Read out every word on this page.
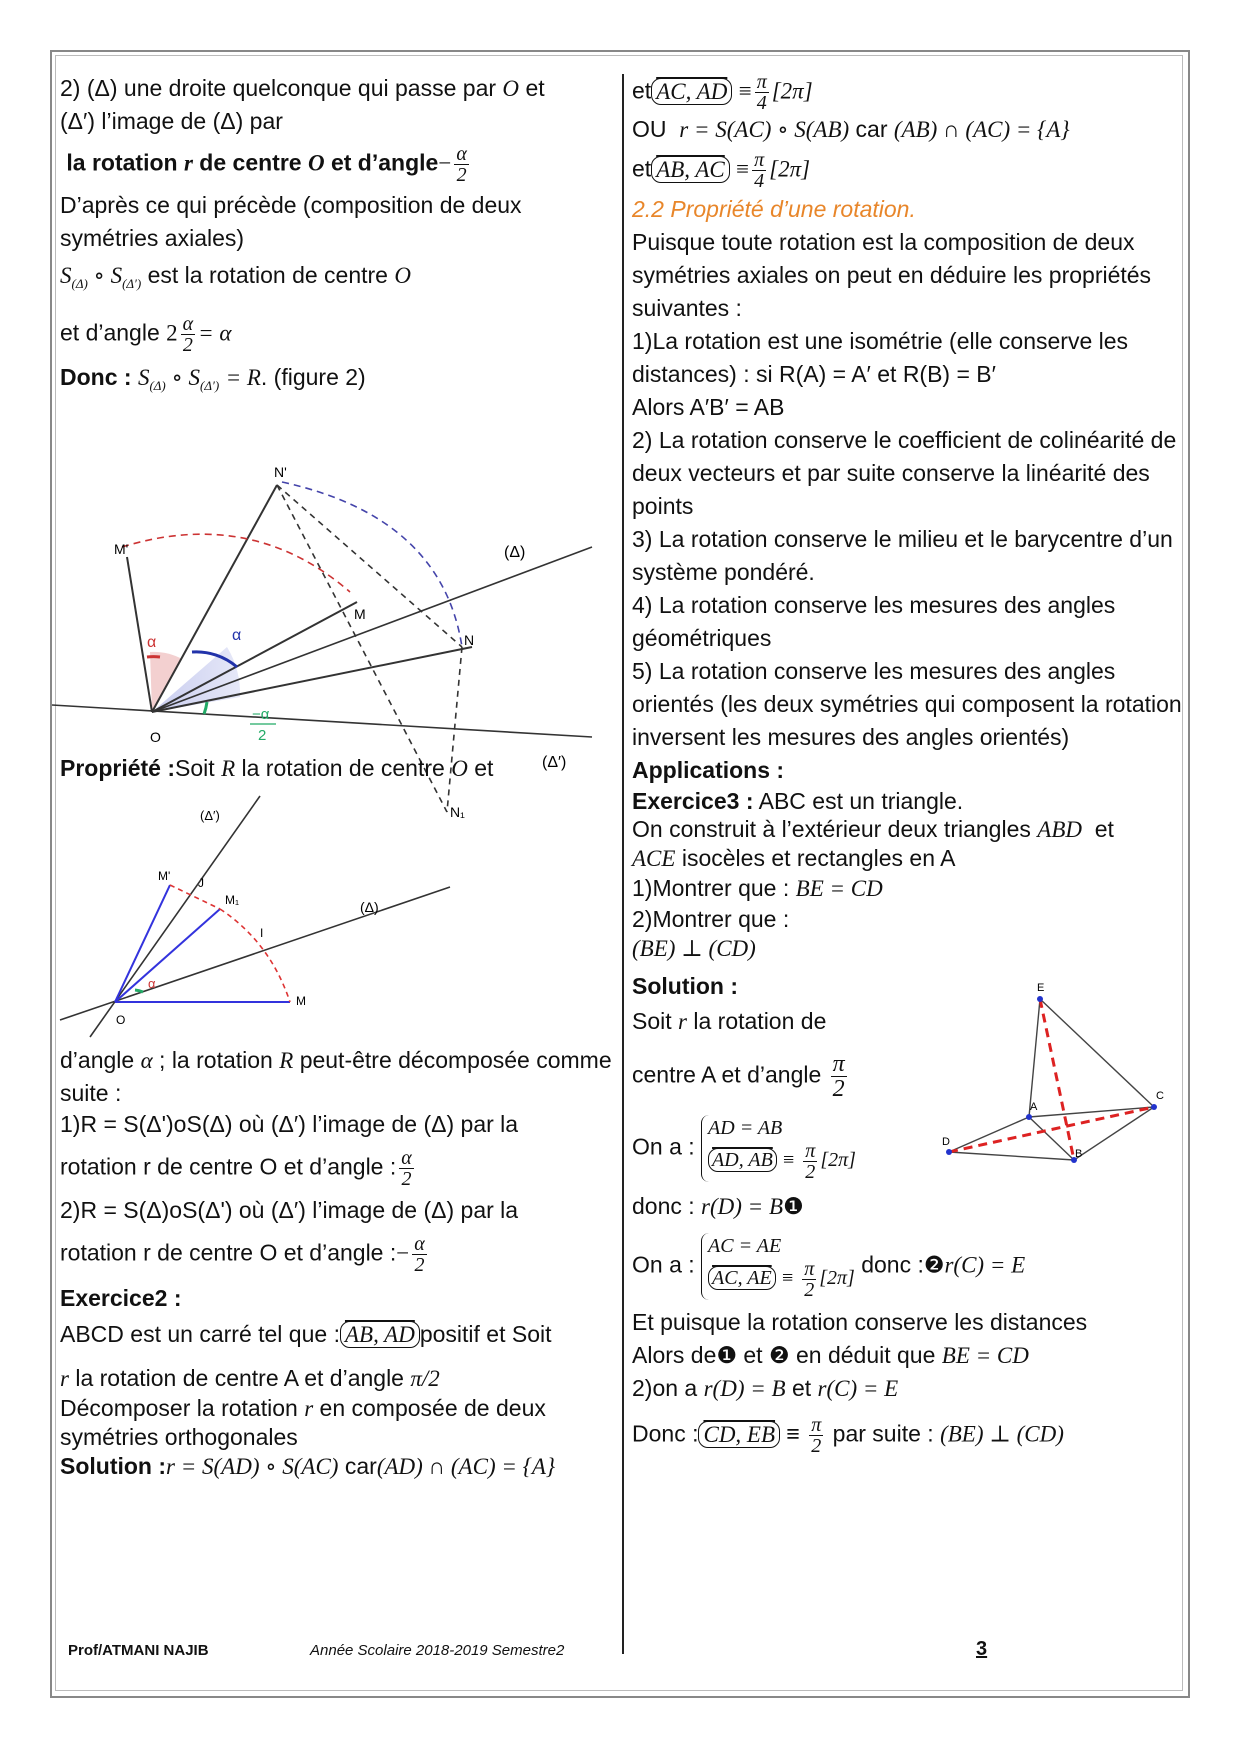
2) (Δ) une droite quelconque qui passe par O et
(Δ′) l’image de (Δ) par
la rotation r de centre O et d’angle− $\frac{\alpha}{2}$
D’après ce qui précède (composition de deux symétries axiales)
$S_{(\Delta)}$ ∘ $S_{(\Delta')}$ est la rotation de centre O
et d’angle $2 \frac{\alpha}{2} = \alpha$
Donc : $S_{(\Delta)}$ ∘ $S_{(\Delta')} = R$. (figure 2)
M'
N'
M
N
O
N₁
(Δ)
(Δ′)
α
α
−α
2
Propriété :Soit R la rotation de centre O et
(Δ′)
(Δ)
M' J
M₁
I
M
O
α
d’angle α ; la rotation R peut-être décomposée comme suite :
1)R = S(Δ')oS(Δ) où (Δ′) l’image de (Δ) par la
rotation r de centre O et d’angle : $\frac{\alpha}{2}$
2)R = S(Δ)oS(Δ') où (Δ′) l’image de (Δ) par la
rotation r de centre O et d’angle :− $\frac{\alpha}{2}$
Exercice2 :
ABCD est un carré tel que : AB, AD positif et Soit
r la rotation de centre A et d’angle π/2
Décomposer la rotation r en composée de deux symétries orthogonales
Solution :r = S(AD) ∘ S(AC) car(AD) ∩ (AC) = {A}
et AC, AD ≡ $\frac{\pi}{4} [2\pi]$
OU r = S(AC) ∘ S(AB) car (AB) ∩ (AC) = {A}
et AB, AC ≡ $\frac{\pi}{4} [2\pi]$
2.2 Propriété d’une rotation.
Puisque toute rotation est la composition de deux symétries axiales on peut en déduire les propriétés suivantes :
1)La rotation est une isométrie (elle conserve les distances) : si R(A) = A′ et R(B) = B′
Alors A′B′ = AB
2) La rotation conserve le coefficient de colinéarité de deux vecteurs et par suite conserve la linéarité des points
3) La rotation conserve le milieu et le barycentre d’un système pondéré.
4) La rotation conserve les mesures des angles géométriques
5) La rotation conserve les mesures des angles orientés (les deux symétries qui composent la rotation inversent les mesures des angles orientés)
Applications :
Exercice3 : ABC est un triangle.
On construit à l’extérieur deux triangles ABD et
ACE isocèles et rectangles en A
1)Montrer que : BE = CD
2)Montrer que :
(BE) ⊥ (CD)
Solution :
Soit r la rotation de
centre A et d’angle $\frac{\pi}{2}$
On a :
AD = AB
AD, AB ≡ $\frac{\pi}{2} [2\pi]$
donc : r(D) = B❶
On a :
AC = AE
AC, AE ≡ $\frac{\pi}{2} [2\pi]$
donc :❷r(C) = E
Et puisque la rotation conserve les distances
Alors de❶ et ❷ en déduit que BE = CD
2)on a r(D) = B et r(C) = E
Donc : CD, EB ≡ $\frac{\pi}{2}$ par suite : (BE) ⊥ (CD)
E
A
C
D
B
Prof/ATMANI NAJIB	Année Scolaire 2018-2019 Semestre2	3
